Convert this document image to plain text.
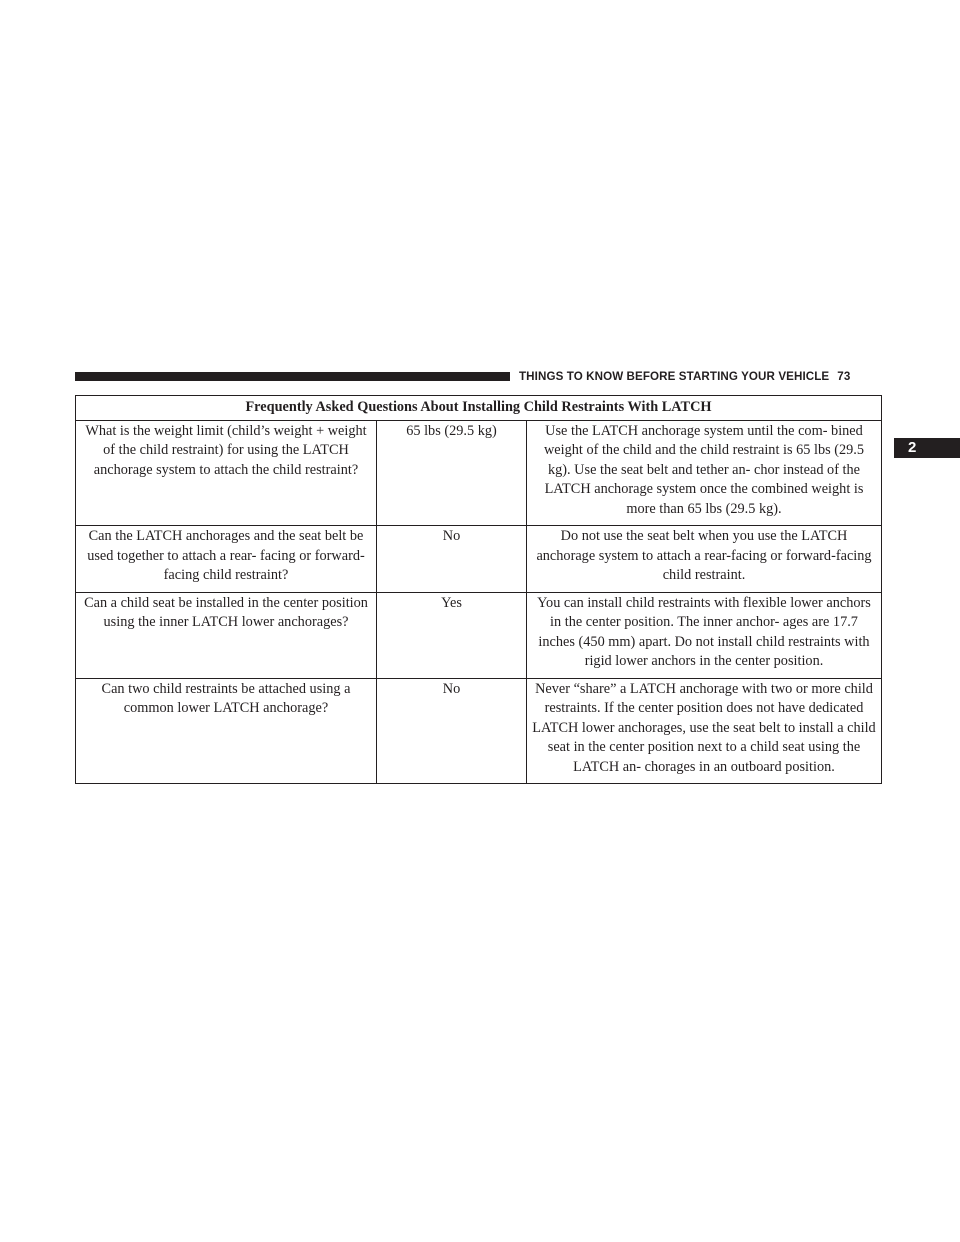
THINGS TO KNOW BEFORE STARTING YOUR VEHICLE 73
2
Frequently Asked Questions About Installing Child Restraints With LATCH		
What is the weight limit (child’s weight + weight of the child restraint) for using the LATCH anchorage system to attach the child restraint?	65 lbs (29.5 kg)	Use the LATCH anchorage system until the com- bined weight of the child and the child restraint is 65 lbs (29.5 kg). Use the seat belt and tether an- chor instead of the LATCH anchorage system once the combined weight is more than 65 lbs (29.5 kg).
Can the LATCH anchorages and the seat belt be used together to attach a rear- facing or forward-facing child restraint?	No	Do not use the seat belt when you use the LATCH anchorage system to attach a rear-facing or forward-facing child restraint.
Can a child seat be installed in the center position using the inner LATCH lower anchorages?	Yes	You can install child restraints with flexible lower anchors in the center position. The inner anchor- ages are 17.7 inches (450 mm) apart. Do not install child restraints with rigid lower anchors in the center position.
Can two child restraints be attached using a common lower LATCH anchorage?	No	Never “share” a LATCH anchorage with two or more child restraints. If the center position does not have dedicated LATCH lower anchorages, use the seat belt to install a child seat in the center position next to a child seat using the LATCH an- chorages in an outboard position.
